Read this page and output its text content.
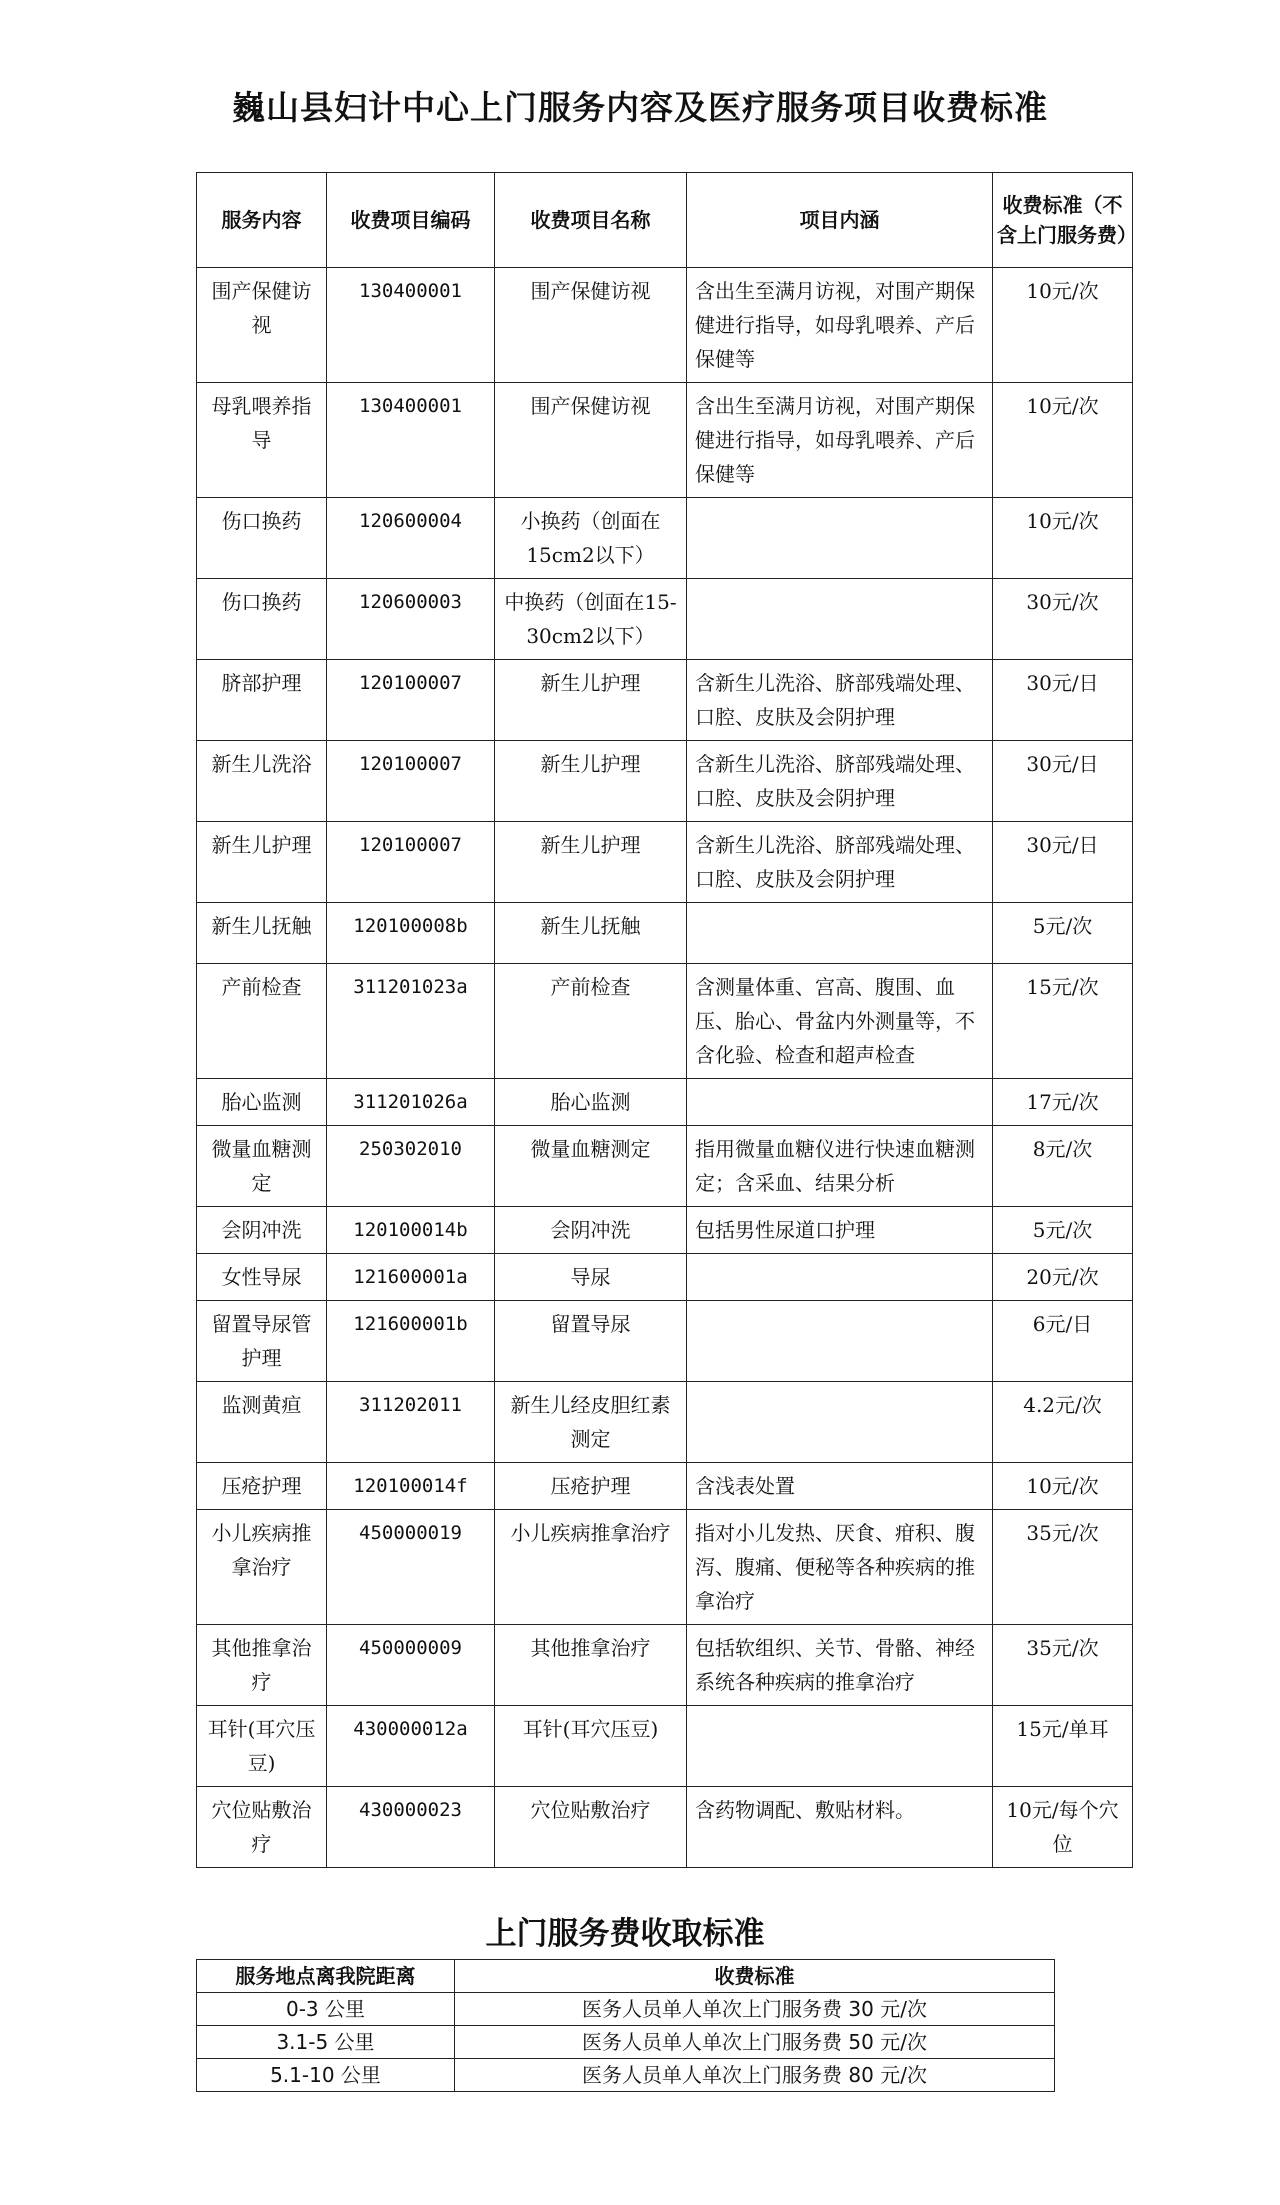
巍山县妇计中心上门服务内容及医疗服务项目收费标准
服务内容	收费项目编码	收费项目名称	项目内涵	收费标准（不含上门服务费）
围产保健访视	130400001	围产保健访视	含出生至满月访视，对围产期保健进行指导，如母乳喂养、产后保健等	10元/次
母乳喂养指导	130400001	围产保健访视	含出生至满月访视，对围产期保健进行指导，如母乳喂养、产后保健等	10元/次
伤口换药	120600004	小换药（创面在15cm2以下）		10元/次
伤口换药	120600003	中换药（创面在15-30cm2以下）		30元/次
脐部护理	120100007	新生儿护理	含新生儿洗浴、脐部残端处理、口腔、皮肤及会阴护理	30元/日
新生儿洗浴	120100007	新生儿护理	含新生儿洗浴、脐部残端处理、口腔、皮肤及会阴护理	30元/日
新生儿护理	120100007	新生儿护理	含新生儿洗浴、脐部残端处理、口腔、皮肤及会阴护理	30元/日
新生儿抚触	120100008b	新生儿抚触		5元/次
产前检查	311201023a	产前检查	含测量体重、宫高、腹围、血压、胎心、骨盆内外测量等，不含化验、检查和超声检查	15元/次
胎心监测	311201026a	胎心监测		17元/次
微量血糖测定	250302010	微量血糖测定	指用微量血糖仪进行快速血糖测定；含采血、结果分析	8元/次
会阴冲洗	120100014b	会阴冲洗	包括男性尿道口护理	5元/次
女性导尿	121600001a	导尿		20元/次
留置导尿管护理	121600001b	留置导尿		6元/日
监测黄疸	311202011	新生儿经皮胆红素测定		4.2元/次
压疮护理	120100014f	压疮护理	含浅表处置	10元/次
小儿疾病推拿治疗	450000019	小儿疾病推拿治疗	指对小儿发热、厌食、疳积、腹泻、腹痛、便秘等各种疾病的推拿治疗	35元/次
其他推拿治疗	450000009	其他推拿治疗	包括软组织、关节、骨骼、神经系统各种疾病的推拿治疗	35元/次
耳针(耳穴压豆)	430000012a	耳针(耳穴压豆)		15元/单耳
穴位贴敷治疗	430000023	穴位贴敷治疗	含药物调配、敷贴材料。	10元/每个穴位
上门服务费收取标准
服务地点离我院距离	收费标准
0-3 公里	医务人员单人单次上门服务费 30 元/次
3.1-5 公里	医务人员单人单次上门服务费 50 元/次
5.1-10 公里	医务人员单人单次上门服务费 80 元/次
